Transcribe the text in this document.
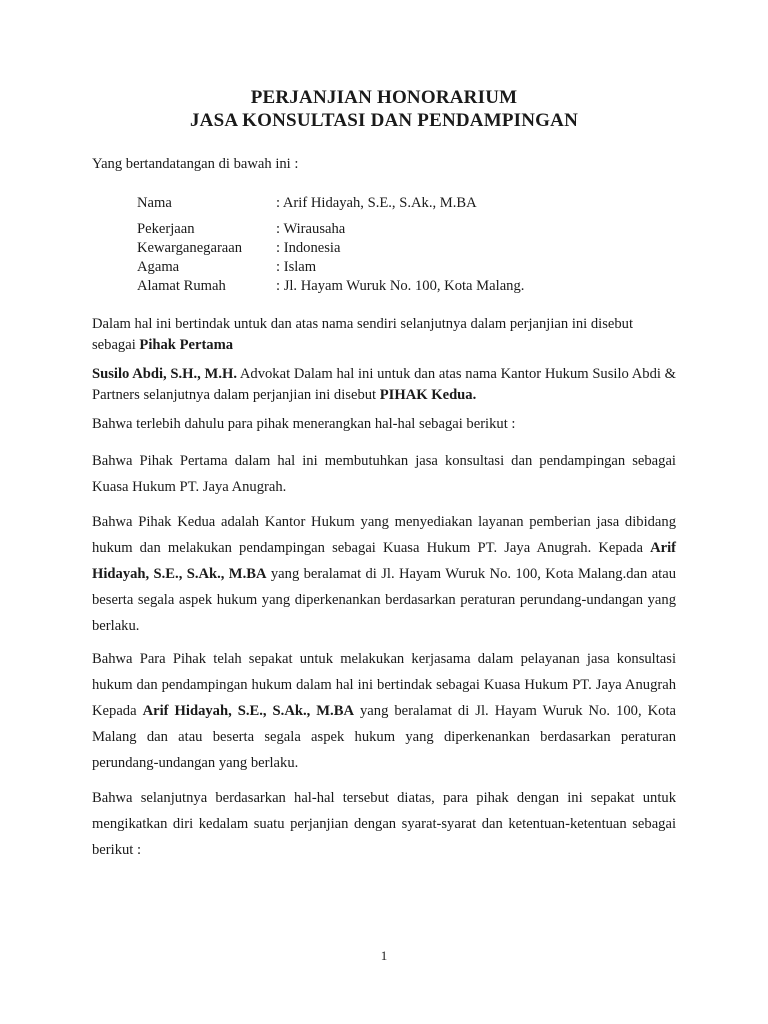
PERJANJIAN HONORARIUM
JASA KONSULTASI DAN PENDAMPINGAN

Yang bertandatangan di bawah ini :

Nama	: Arif Hidayah, S.E., S.Ak., M.BA
Pekerjaan	: Wirausaha
Kewarganegaraan	: Indonesia
Agama	: Islam
Alamat Rumah	: Jl. Hayam Wuruk No. 100, Kota Malang.

Dalam hal ini bertindak untuk dan atas nama sendiri selanjutnya dalam perjanjian ini disebut sebagai Pihak Pertama

Susilo Abdi, S.H., M.H. Advokat Dalam hal ini untuk dan atas nama Kantor Hukum Susilo Abdi & Partners selanjutnya dalam perjanjian ini disebut PIHAK Kedua.

Bahwa terlebih dahulu para pihak menerangkan hal-hal sebagai berikut :

Bahwa Pihak Pertama dalam hal ini membutuhkan jasa konsultasi dan pendampingan sebagai Kuasa Hukum PT. Jaya Anugrah.

Bahwa Pihak Kedua adalah Kantor Hukum yang menyediakan layanan pemberian jasa dibidang hukum dan melakukan pendampingan sebagai Kuasa Hukum PT. Jaya Anugrah. Kepada Arif Hidayah, S.E., S.Ak., M.BA yang beralamat di Jl. Hayam Wuruk No. 100, Kota Malang.dan atau beserta segala aspek hukum yang diperkenankan berdasarkan peraturan perundang-undangan yang berlaku.

Bahwa Para Pihak telah sepakat untuk melakukan kerjasama dalam pelayanan jasa konsultasi hukum dan pendampingan hukum dalam hal ini bertindak sebagai Kuasa Hukum PT. Jaya Anugrah Kepada Arif Hidayah, S.E., S.Ak., M.BA yang beralamat di Jl. Hayam Wuruk No. 100, Kota Malang dan atau beserta segala aspek hukum yang diperkenankan berdasarkan peraturan perundang-undangan yang berlaku.

Bahwa selanjutnya berdasarkan hal-hal tersebut diatas, para pihak dengan ini sepakat untuk mengikatkan diri kedalam suatu perjanjian dengan syarat-syarat dan ketentuan-ketentuan sebagai berikut :

1
